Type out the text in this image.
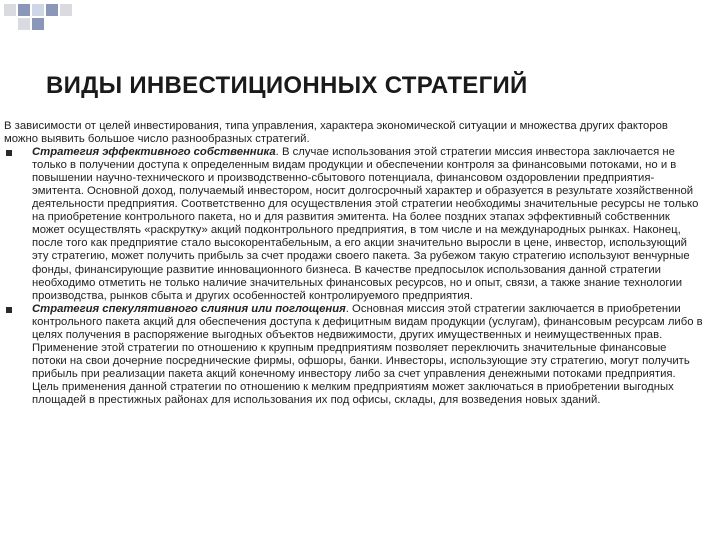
ВИДЫ ИНВЕСТИЦИОННЫХ СТРАТЕГИЙ

В зависимости от целей инвестирования, типа управления, характера экономической ситуации и множества других факторов можно выявить большое число разнообразных стратегий.

Стратегия эффективного собственника. В случае использования этой стратегии миссия инвестора заключается не только в получении доступа к определенным видам продукции и обеспечении контроля за финансовыми потоками, но и в повышении научно-технического и производственно-сбытового потенциала, финансовом оздоровлении предприятия-эмитента. Основной доход, получаемый инвестором, носит долгосрочный характер и образуется в результате хозяйственной деятельности предприятия. Соответственно для осуществления этой стратегии необходимы значительные ресурсы не только на приобретение контрольного пакета, но и для развития эмитента. На более поздних этапах эффективный собственник может осуществлять «раскрутку» акций подконтрольного предприятия, в том числе и на международных рынках. Наконец, после того как предприятие стало высокорентабельным, а его акции значительно выросли в цене, инвестор, использующий эту стратегию, может получить прибыль за счет продажи своего пакета. За рубежом такую стратегию используют венчурные фонды, финансирующие развитие инновационного бизнеса. В качестве предпосылок использования данной стратегии необходимо отметить не только наличие значительных финансовых ресурсов, но и опыт, связи, а также знание технологии производства, рынков сбыта и других особенностей контролируемого предприятия.

Стратегия спекулятивного слияния или поглощения. Основная миссия этой стратегии заключается в приобретении контрольного пакета акций для обеспечения доступа к дефицитным видам продукции (услугам), финансовым ресурсам либо в целях получения в распоряжение выгодных объектов недвижимости, других имущественных и неимущественных прав. Применение этой стратегии по отношению к крупным предприятиям позволяет переключить значительные финансовые потоки на свои дочерние посреднические фирмы, офшоры, банки. Инвесторы, использующие эту стратегию, могут получить прибыль при реализации пакета акций конечному инвестору либо за счет управления денежными потоками предприятия. Цель применения данной стратегии по отношению к мелким предприятиям может заключаться в приобретении выгодных площадей в престижных районах для использования их под офисы, склады, для возведения новых зданий.
